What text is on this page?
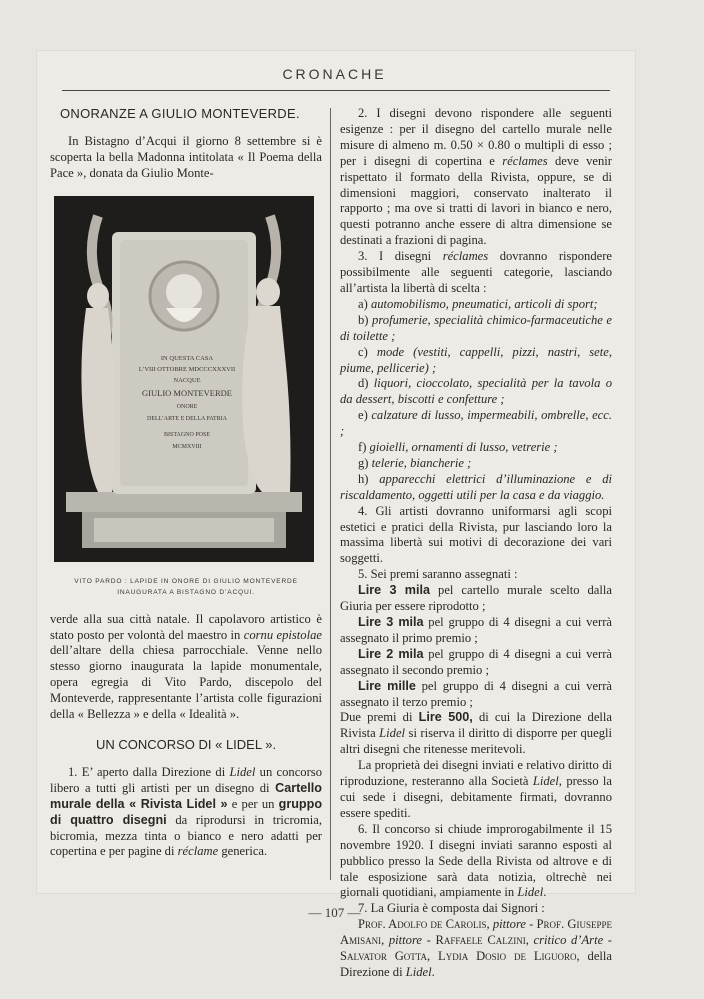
CRONACHE

ONORANZE A GIULIO MONTEVERDE.

In Bistagno d’Acqui il giorno 8 settembre si è scoperta la bella Madonna intitolata « Il Poema della Pace », donata da Giulio Monte-

IN QUESTA CASA
L’VIII OTTOBRE MDCCCXXXVII
NACQUE
GIULIO MONTEVERDE
ONORE
DELL’ARTE E DELLA PATRIA
BISTAGNO POSE
MCMXVIII
VITO PARDO : LAPIDE IN ONORE DI GIULIO MONTEVERDE
INAUGURATA A BISTAGNO D’ACQUI.

verde alla sua città natale. Il capolavoro artistico è stato posto per volontà del maestro in cornu epistolae dell’altare della chiesa parrocchiale. Venne nello stesso giorno inaugurata la lapide monumentale, opera egregia di Vito Pardo, discepolo del Monteverde, rappresentante l’artista colle figurazioni della « Bellezza » e della « Idealità ».

UN CONCORSO DI « LIDEL ».

1. E’ aperto dalla Direzione di Lidel un concorso libero a tutti gli artisti per un disegno di Cartello murale della « Rivista Lidel » e per un gruppo di quattro disegni da riprodursi in tricromia, bicromia, mezza tinta o bianco e nero adatti per copertina e per pagine di réclame generica.

2. I disegni devono rispondere alle seguenti esigenze : per il disegno del cartello murale nelle misure di almeno m. 0.50 × 0.80 o multipli di esso ; per i disegni di copertina e réclames deve venir rispettato il formato della Rivista, oppure, se di dimensioni maggiori, conservato inalterato il rapporto ; ma ove si tratti di lavori in bianco e nero, questi potranno anche essere di altra dimensione se destinati a frazioni di pagina.

3. I disegni réclames dovranno rispondere possibilmente alle seguenti categorie, lasciando all’artista la libertà di scelta :

a) automobilismo, pneumatici, articoli di sport;

b) profumerie, specialità chimico-farmaceutiche e di toilette ;

c) mode (vestiti, cappelli, pizzi, nastri, sete, piume, pellicerie) ;

d) liquori, cioccolato, specialità per la tavola o da dessert, biscotti e confetture ;

e) calzature di lusso, impermeabili, ombrelle, ecc. ;

f) gioielli, ornamenti di lusso, vetrerie ;

g) telerie, biancherie ;

h) apparecchi elettrici d’illuminazione e di riscaldamento, oggetti utili per la casa e da viaggio.

4. Gli artisti dovranno uniformarsi agli scopi estetici e pratici della Rivista, pur lasciando loro la massima libertà sui motivi di decorazione dei vari soggetti.

5. Sei premi saranno assegnati :

Lire 3 mila pel cartello murale scelto dalla Giuria per essere riprodotto ;

Lire 3 mila pel gruppo di 4 disegni a cui verrà assegnato il primo premio ;

Lire 2 mila pel gruppo di 4 disegni a cui verrà assegnato il secondo premio ;

Lire mille pel gruppo di 4 disegni a cui verrà assegnato il terzo premio ;

Due premi di Lire 500, di cui la Direzione della Rivista Lidel si riserva il diritto di disporre per quegli altri disegni che ritenesse meritevoli.

La proprietà dei disegni inviati e relativo diritto di riproduzione, resteranno alla Società Lidel, presso la cui sede i disegni, debitamente firmati, dovranno essere spediti.

6. Il concorso si chiude improrogabilmente il 15 novembre 1920. I disegni inviati saranno esposti al pubblico presso la Sede della Rivista od altrove e di tale esposizione sarà data notizia, oltrechè nei giornali quotidiani, ampiamente in Lidel.

7. La Giuria è composta dai Signori :

Prof. Adolfo de Carolis, pittore - Prof. Giuseppe Amisani, pittore - Raffaele Calzini, critico d’Arte - Salvator Gotta, Lydia Dosio de Liguoro, della Direzione di Lidel.

— 107 —
